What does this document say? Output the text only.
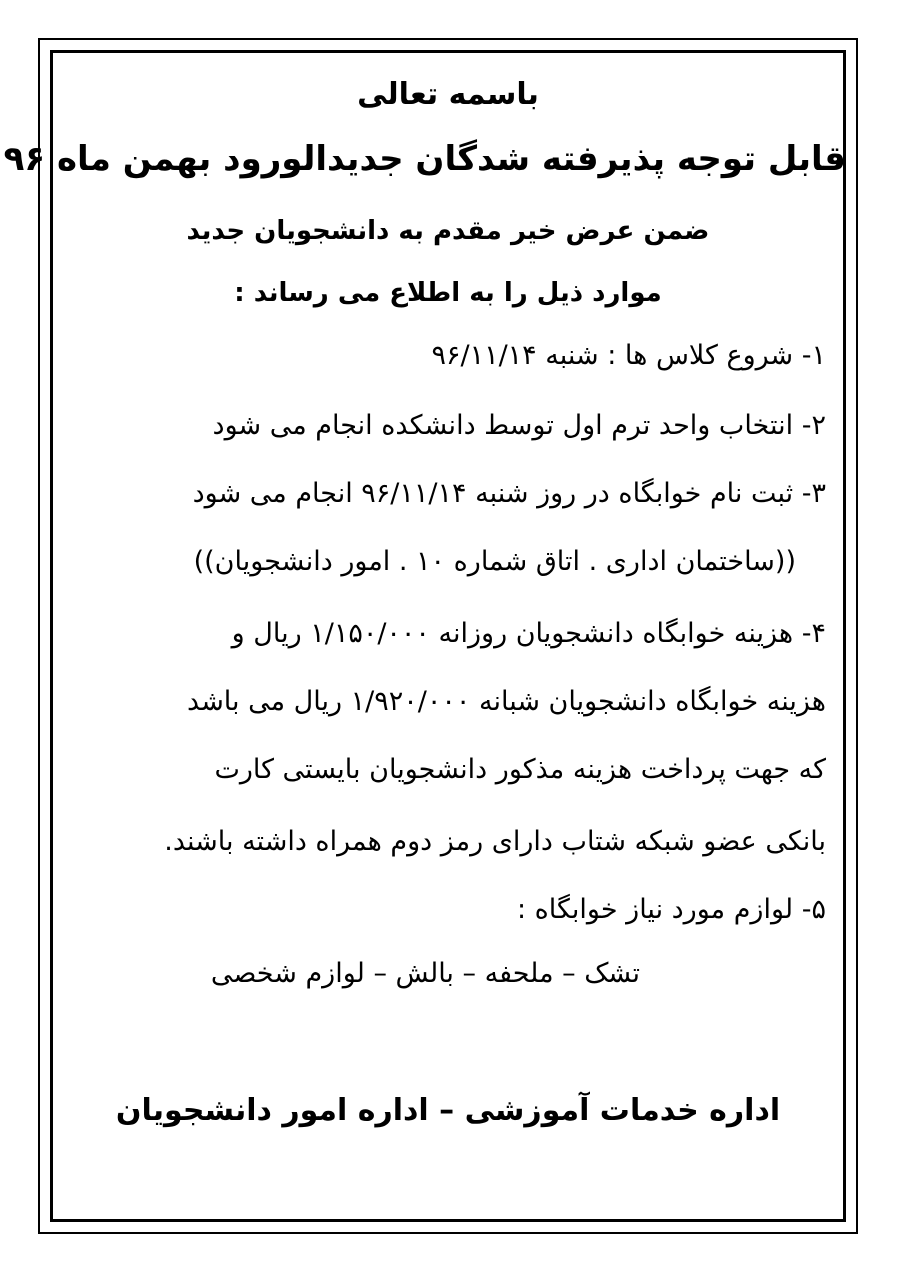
باسمه تعالی
قابل توجه پذیرفته شدگان جدیدالورود بهمن ماه ۹۶
ضمن عرض خیر مقدم به دانشجویان جدید
موارد ذیل را به اطلاع می رساند :
۱- شروع کلاس ها : شنبه ۹۶/۱۱/۱۴
۲- انتخاب واحد ترم اول توسط دانشکده انجام می شود
۳- ثبت نام خوابگاه در روز شنبه ۹۶/۱۱/۱۴ انجام می شود
((ساختمان اداری . اتاق شماره ۱۰ . امور دانشجویان))
۴- هزینه خوابگاه دانشجویان روزانه ۱/۱۵۰/۰۰۰ ریال و
هزینه خوابگاه دانشجویان شبانه ۱/۹۲۰/۰۰۰ ریال می باشد
که جهت پرداخت هزینه مذکور دانشجویان بایستی کارت
بانکی عضو شبکه شتاب دارای رمز دوم همراه داشته باشند.
۵- لوازم مورد نیاز خوابگاه :
تشک – ملحفه – بالش – لوازم شخصی
اداره خدمات آموزشی – اداره امور دانشجویان
